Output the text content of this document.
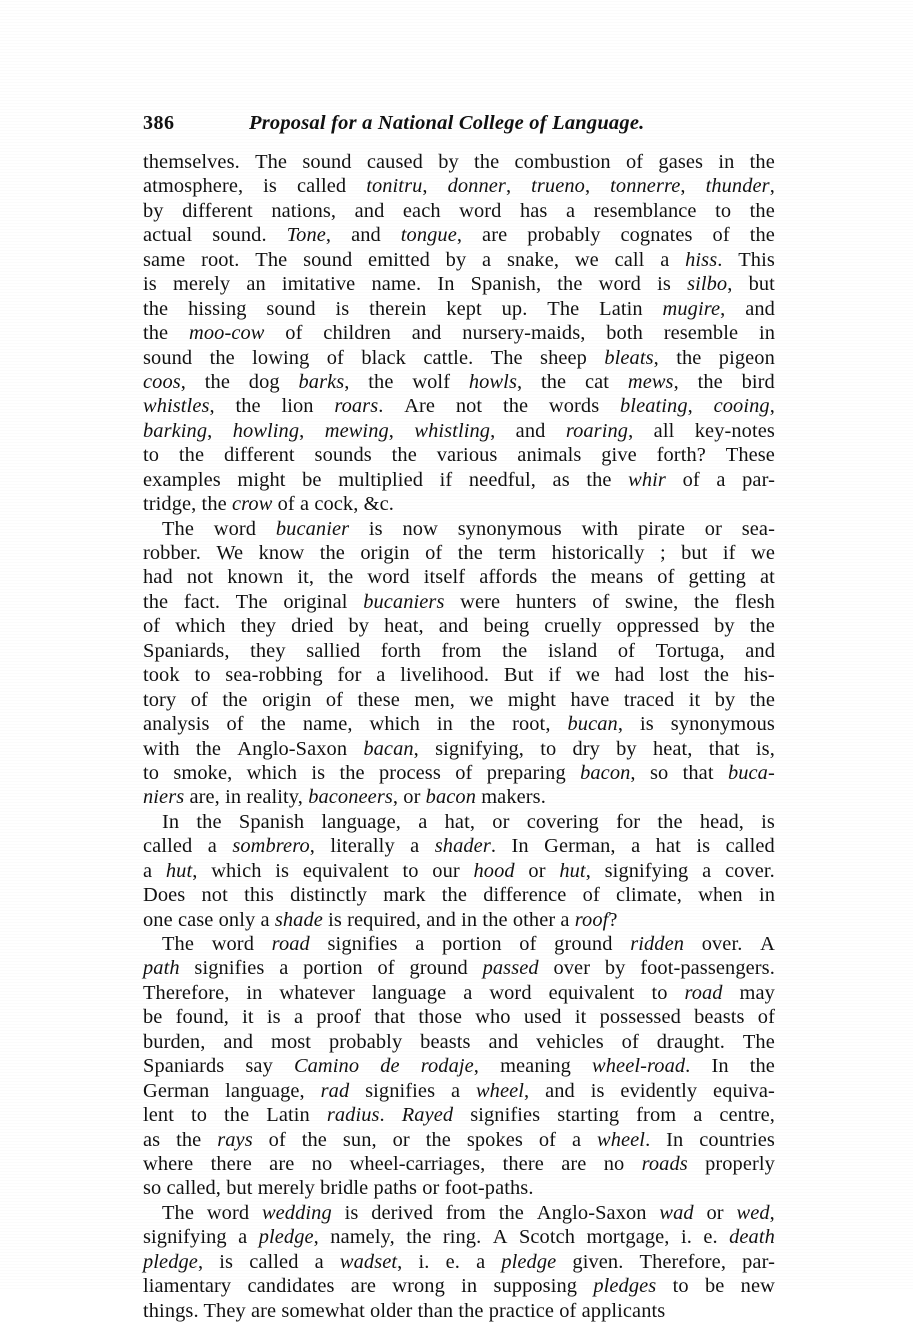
386	Proposal for a National College of Language.

themselves. The sound caused by the combustion of gases in the
atmosphere, is called tonitru, donner, trueno, tonnerre, thunder,
by different nations, and each word has a resemblance to the
actual sound. Tone, and tongue, are probably cognates of the
same root. The sound emitted by a snake, we call a hiss. This
is merely an imitative name. In Spanish, the word is silbo, but
the hissing sound is therein kept up. The Latin mugire, and
the moo-cow of children and nursery-maids, both resemble in
sound the lowing of black cattle. The sheep bleats, the pigeon
coos, the dog barks, the wolf howls, the cat mews, the bird
whistles, the lion roars. Are not the words bleating, cooing,
barking, howling, mewing, whistling, and roaring, all key-notes
to the different sounds the various animals give forth? These
examples might be multiplied if needful, as the whir of a par-
tridge, the crow of a cock, &c.

The word bucanier is now synonymous with pirate or sea-
robber. We know the origin of the term historically ; but if we
had not known it, the word itself affords the means of getting at
the fact. The original bucaniers were hunters of swine, the flesh
of which they dried by heat, and being cruelly oppressed by the
Spaniards, they sallied forth from the island of Tortuga, and
took to sea-robbing for a livelihood. But if we had lost the his-
tory of the origin of these men, we might have traced it by the
analysis of the name, which in the root, bucan, is synonymous
with the Anglo-Saxon bacan, signifying, to dry by heat, that is,
to smoke, which is the process of preparing bacon, so that buca-
niers are, in reality, baconeers, or bacon makers.

In the Spanish language, a hat, or covering for the head, is
called a sombrero, literally a shader. In German, a hat is called
a hut, which is equivalent to our hood or hut, signifying a cover.
Does not this distinctly mark the difference of climate, when in
one case only a shade is required, and in the other a roof?

The word road signifies a portion of ground ridden over. A
path signifies a portion of ground passed over by foot-passengers.
Therefore, in whatever language a word equivalent to road may
be found, it is a proof that those who used it possessed beasts of
burden, and most probably beasts and vehicles of draught. The
Spaniards say Camino de rodaje, meaning wheel-road. In the
German language, rad signifies a wheel, and is evidently equiva-
lent to the Latin radius. Rayed signifies starting from a centre,
as the rays of the sun, or the spokes of a wheel. In countries
where there are no wheel-carriages, there are no roads properly
so called, but merely bridle paths or foot-paths.

The word wedding is derived from the Anglo-Saxon wad or wed,
signifying a pledge, namely, the ring. A Scotch mortgage, i. e. death
pledge, is called a wadset, i. e. a pledge given. Therefore, par-
liamentary candidates are wrong in supposing pledges to be new
things. They are somewhat older than the practice of applicants
